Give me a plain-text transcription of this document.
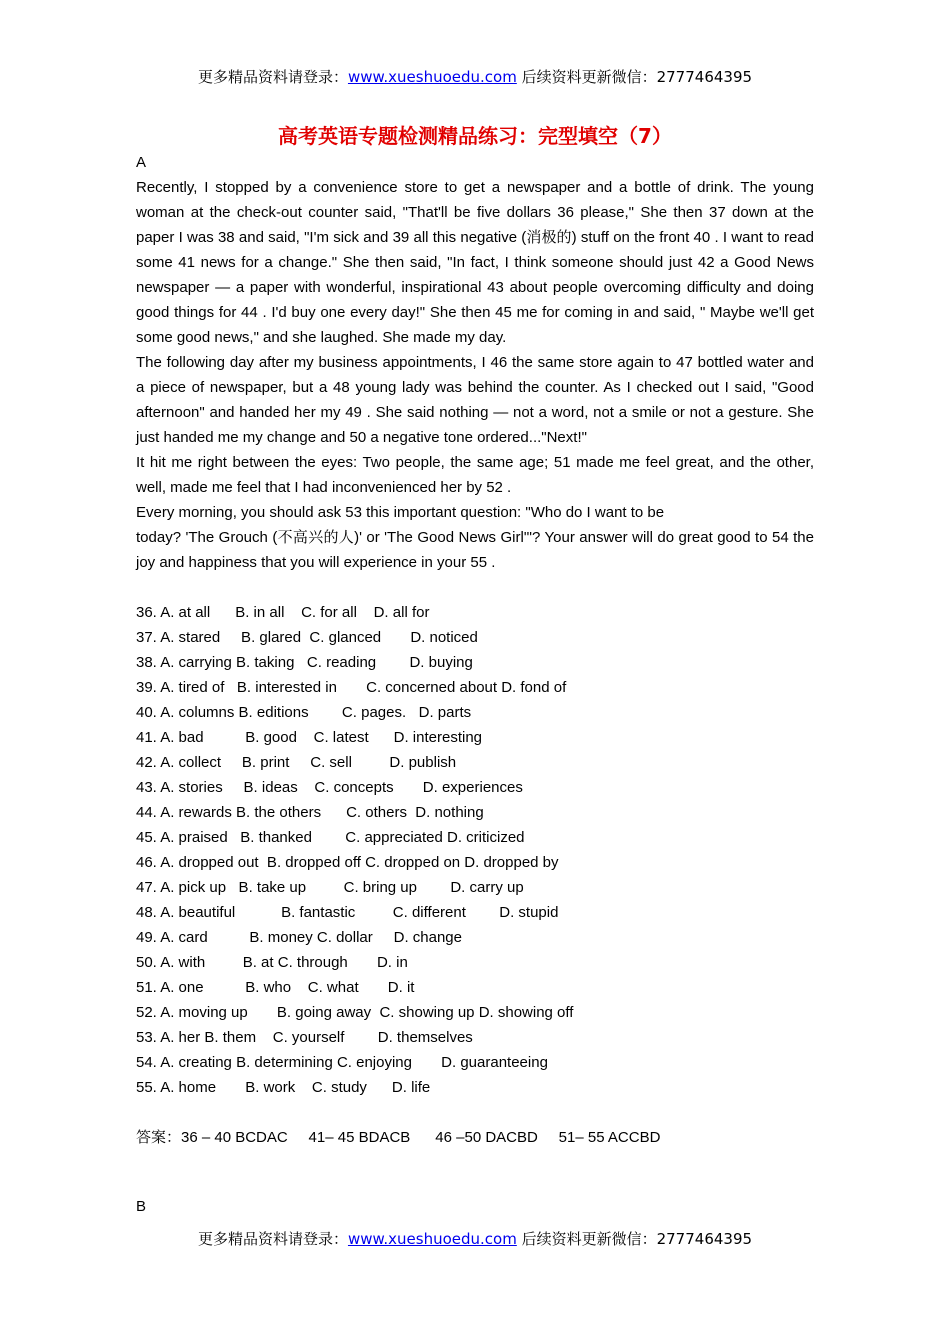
更多精品资料请登录：www.xueshuoedu.com 后续资料更新微信：2777464395
高考英语专题检测精品练习：完型填空（7）

A

Recently, I stopped by a convenience store to get a newspaper and a bottle of drink. The young woman at the check-out counter said, "That'll be five dollars 36 please," She then 37 down at the paper I was 38 and said, "I'm sick and 39 all this negative (消极的) stuff on the front 40 . I want to read some 41 news for a change." She then said, "In fact, I think someone should just 42 a Good News newspaper — a paper with wonderful, inspirational 43 about people overcoming difficulty and doing good things for 44 . I'd buy one every day!" She then 45 me for coming in and said, " Maybe we'll get some good news," and she laughed. She made my day.

The following day after my business appointments, I 46 the same store again to 47 bottled water and a piece of newspaper, but a 48 young lady was behind the counter. As I checked out I said, "Good afternoon" and handed her my 49 . She said nothing — not a word, not a smile or not a gesture. She just handed me my change and 50 a negative tone ordered..."Next!"

It hit me right between the eyes: Two people, the same age; 51 made me feel great, and the other, well, made me feel that I had inconvenienced her by 52 .

Every morning, you should ask 53 this important question: "Who do I want to be

today? 'The Grouch (不高兴的人)' or 'The Good News Girl'"? Your answer will do great good to 54 the joy and happiness that you will experience in your 55 .

36. A. at all      B. in all    C. for all    D. all for
37. A. stared     B. glared  C. glanced       D. noticed
38. A. carrying B. taking   C. reading        D. buying
39. A. tired of   B. interested in       C. concerned about D. fond of
40. A. columns B. editions        C. pages.   D. parts
41. A. bad          B. good    C. latest      D. interesting
42. A. collect     B. print     C. sell         D. publish
43. A. stories     B. ideas    C. concepts       D. experiences
44. A. rewards B. the others      C. others  D. nothing
45. A. praised   B. thanked        C. appreciated D. criticized
46. A. dropped out  B. dropped off C. dropped on D. dropped by
47. A. pick up   B. take up         C. bring up        D. carry up
48. A. beautiful           B. fantastic         C. different        D. stupid
49. A. card          B. money C. dollar     D. change
50. A. with         B. at C. through       D. in
51. A. one          B. who    C. what       D. it
52. A. moving up       B. going away  C. showing up D. showing off
53. A. her B. them    C. yourself        D. themselves
54. A. creating B. determining C. enjoying       D. guaranteeing
55. A. home       B. work    C. study      D. life
答案：36 – 40 BCDAC     41– 45 BDACB      46 –50 DACBD     51– 55 ACCBD

B

更多精品资料请登录：www.xueshuoedu.com 后续资料更新微信：2777464395
